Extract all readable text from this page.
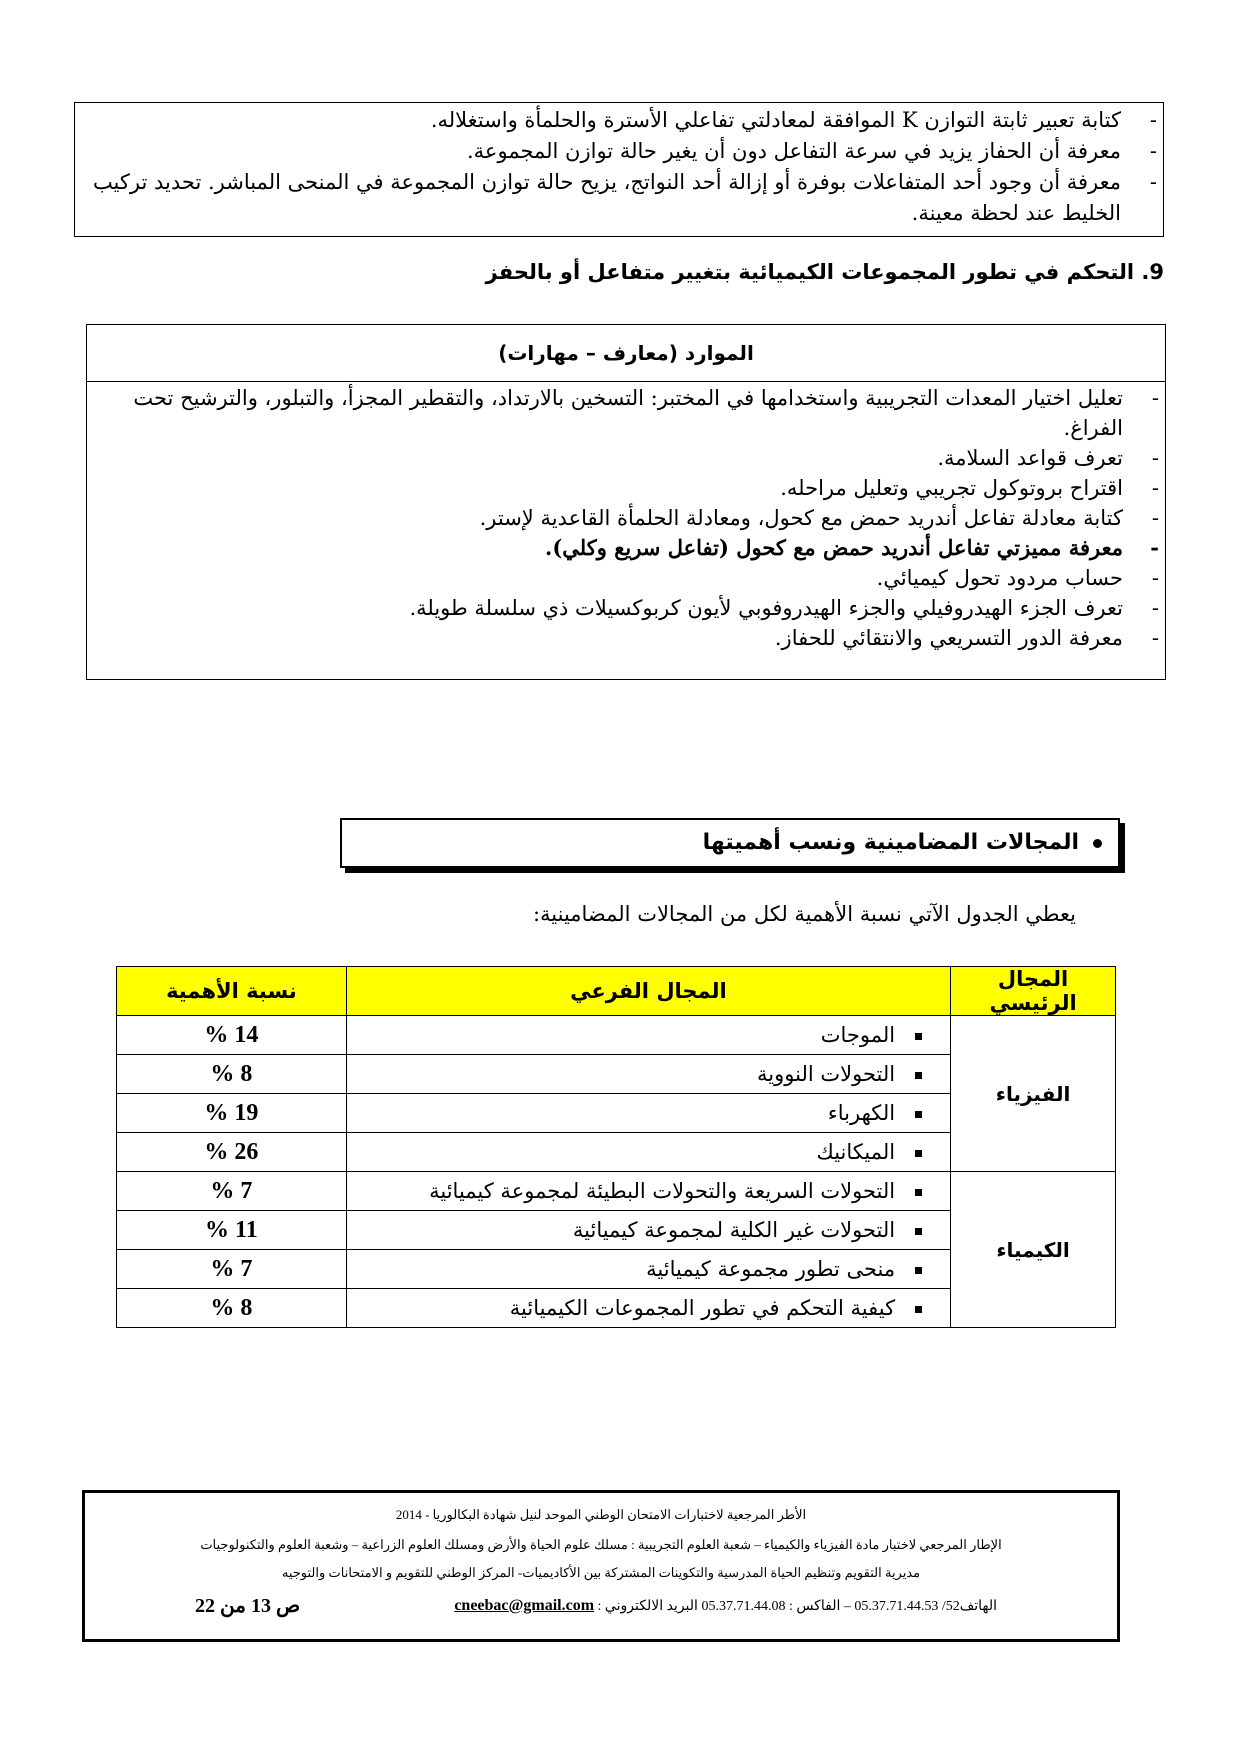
- كتابة تعبير ثابتة التوازن K الموافقة لمعادلتي تفاعلي الأسترة والحلمأة واستغلاله.
- معرفة أن الحفاز يزيد في سرعة التفاعل دون أن يغير حالة توازن المجموعة.
- معرفة أن وجود أحد المتفاعلات بوفرة أو إزالة أحد النواتج، يزيح حالة توازن المجموعة في المنحى المباشر. تحديد تركيب الخليط عند لحظة معينة.
9. التحكم في تطور المجموعات الكيميائية بتغيير متفاعل أو بالحفز
الموارد (معارف – مهارات)
- تعليل اختيار المعدات التجريبية واستخدامها في المختبر: التسخين بالارتداد، والتقطير المجزأ، والتبلور، والترشيح تحت الفراغ.
- تعرف قواعد السلامة.
- اقتراح بروتوكول تجريبي وتعليل مراحله.
- كتابة معادلة تفاعل أندريد حمض مع كحول، ومعادلة الحلمأة القاعدية لإستر.
- معرفة مميزتي تفاعل أندريد حمض مع كحول (تفاعل سريع وكلي).
- حساب مردود تحول كيميائي.
- تعرف الجزء الهيدروفيلي والجزء الهيدروفوبي لأيون كربوكسيلات ذي سلسلة طويلة.
- معرفة الدور التسريعي والانتقائي للحفاز.
المجالات المضامينية ونسب أهميتها
يعطي الجدول الآتي نسبة الأهمية لكل من المجالات المضامينية:
المجال الرئيسي	المجال الفرعي	نسبة الأهمية
الفيزياء	الموجات	14 %
	التحولات النووية	8 %
	الكهرباء	19 %
	الميكانيك	26 %
الكيمياء	التحولات السريعة والتحولات البطيئة لمجموعة كيميائية	7 %
	التحولات غير الكلية لمجموعة كيميائية	11 %
	منحى تطور مجموعة كيميائية	7 %
	كيفية التحكم في تطور المجموعات الكيميائية	8 %
الأطر المرجعية لاختبارات الامتحان الوطني الموحد لنيل شهادة البكالوريا - 2014
الإطار المرجعي لاختبار مادة الفيزياء والكيمياء – شعبة العلوم التجريبية : مسلك علوم الحياة والأرض ومسلك العلوم الزراعية – وشعبة العلوم والتكنولوجيات
مديرية التقويم وتنظيم الحياة المدرسية والتكوينات المشتركة بين الأكاديميات- المركز الوطني للتقويم و الامتحانات والتوجيه
الهاتف52/ 05.37.71.44.53 – الفاكس : 05.37.71.44.08 البريد الالكتروني : cneebac@gmail.com
ص 13 من 22
